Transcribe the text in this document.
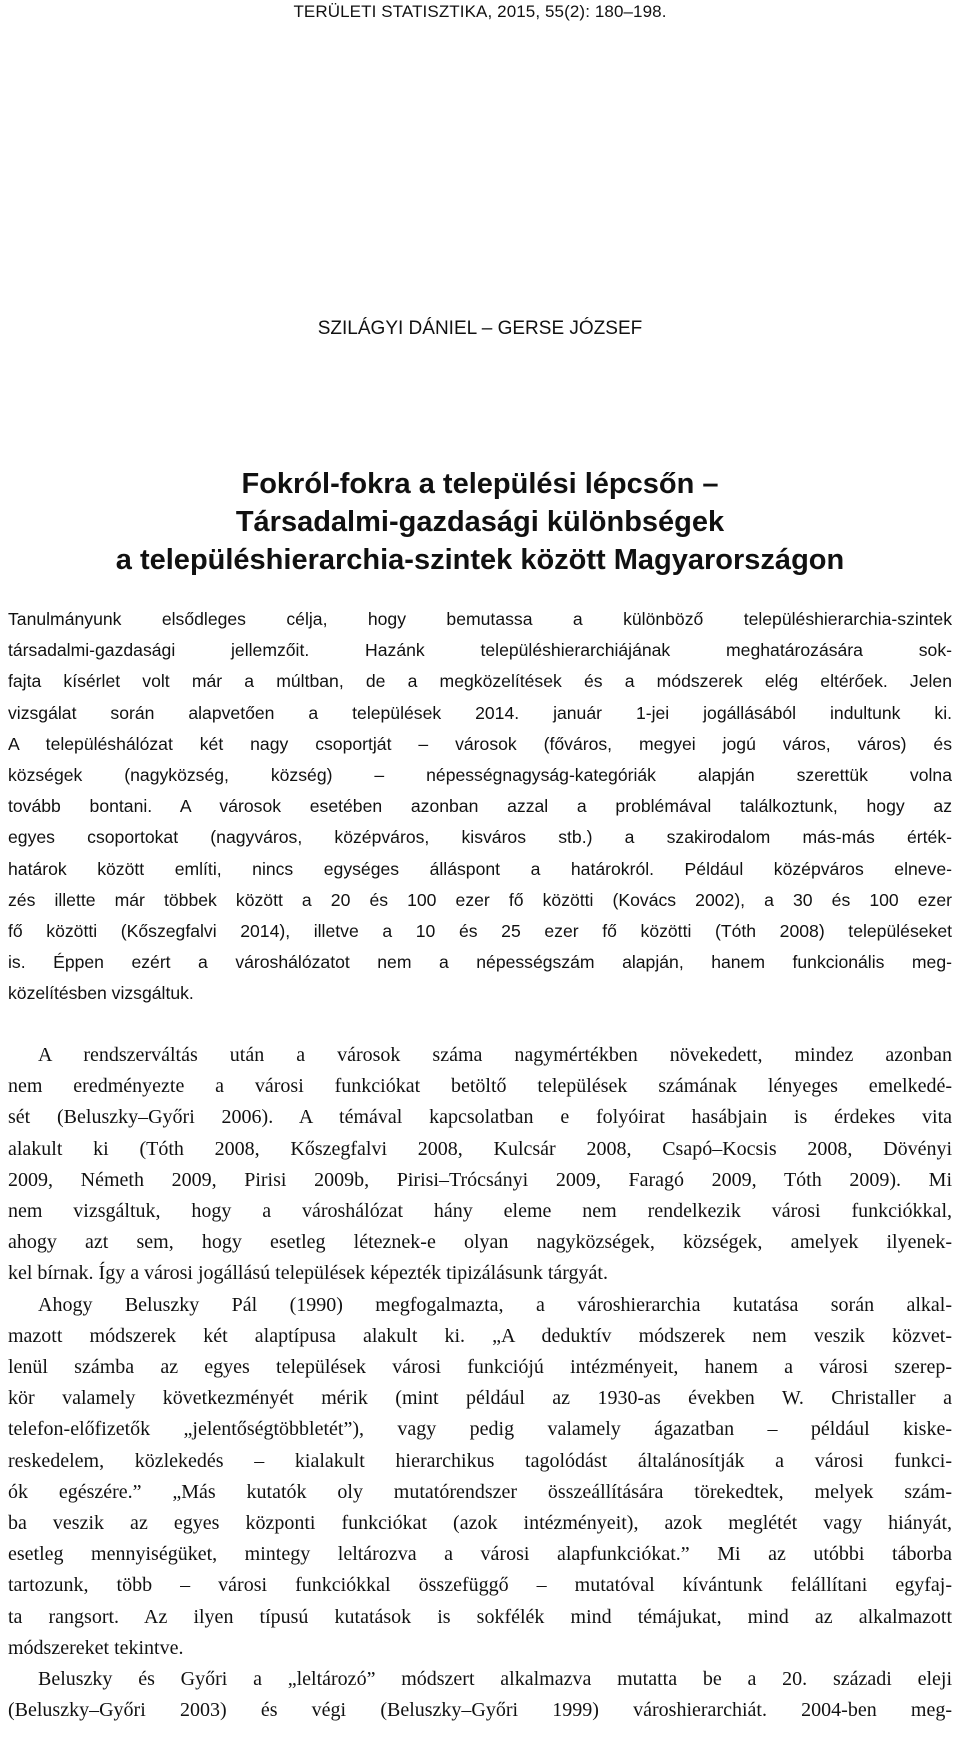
TERÜLETI STATISZTIKA, 2015, 55(2): 180–198.
SZILÁGYI DÁNIEL – GERSE JÓZSEF
Fokról-fokra a települési lépcsőn –
Társadalmi-gazdasági különbségek
a településhierarchia-szintek között Magyarországon
Tanulmányunk elsődleges célja, hogy bemutassa a különböző településhierarchia-szintek
társadalmi-gazdasági jellemzőit. Hazánk településhierarchiájának meghatározására sok-
fajta kísérlet volt már a múltban, de a megközelítések és a módszerek elég eltérőek. Jelen
vizsgálat során alapvetően a települések 2014. január 1-jei jogállásából indultunk ki.
A településhálózat két nagy csoportját – városok (főváros, megyei jogú város, város) és
községek (nagyközség, község) – népességnagyság-kategóriák alapján szerettük volna
tovább bontani. A városok esetében azonban azzal a problémával találkoztunk, hogy az
egyes csoportokat (nagyváros, középváros, kisváros stb.) a szakirodalom más-más érték-
határok között említi, nincs egységes álláspont a határokról. Például középváros elneve-
zés illette már többek között a 20 és 100 ezer fő közötti (Kovács 2002), a 30 és 100 ezer
fő közötti (Kőszegfalvi 2014), illetve a 10 és 25 ezer fő közötti (Tóth 2008) településeket
is. Éppen ezért a városhálózatot nem a népességszám alapján, hanem funkcionális meg-
közelítésben vizsgáltuk.
A rendszerváltás után a városok száma nagymértékben növekedett, mindez azonban
nem eredményezte a városi funkciókat betöltő települések számának lényeges emelkedé-
sét (Beluszky–Győri 2006). A témával kapcsolatban e folyóirat hasábjain is érdekes vita
alakult ki (Tóth 2008, Kőszegfalvi 2008, Kulcsár 2008, Csapó–Kocsis 2008, Dövényi
2009, Németh 2009, Pirisi 2009b, Pirisi–Trócsányi 2009, Faragó 2009, Tóth 2009). Mi
nem vizsgáltuk, hogy a városhálózat hány eleme nem rendelkezik városi funkciókkal,
ahogy azt sem, hogy esetleg léteznek-e olyan nagyközségek, községek, amelyek ilyenek-
kel bírnak. Így a városi jogállású települések képezték tipizálásunk tárgyát.
Ahogy Beluszky Pál (1990) megfogalmazta, a városhierarchia kutatása során alkal-
mazott módszerek két alaptípusa alakult ki. „A deduktív módszerek nem veszik közvet-
lenül számba az egyes települések városi funkciójú intézményeit, hanem a városi szerep-
kör valamely következményét mérik (mint például az 1930-as években W. Christaller a
telefon-előfizetők „jelentőségtöbbletét”), vagy pedig valamely ágazatban – például kiske-
reskedelem, közlekedés – kialakult hierarchikus tagolódást általánosítják a városi funkci-
ók egészére.” „Más kutatók oly mutatórendszer összeállítására törekedtek, melyek szám-
ba veszik az egyes központi funkciókat (azok intézményeit), azok meglétét vagy hiányát,
esetleg mennyiségüket, mintegy leltározva a városi alapfunkciókat.” Mi az utóbbi táborba
tartozunk, több – városi funkciókkal összefüggő – mutatóval kívántunk felállítani egyfaj-
ta rangsort. Az ilyen típusú kutatások is sokfélék mind témájukat, mind az alkalmazott
módszereket tekintve.
Beluszky és Győri a „leltározó” módszert alkalmazva mutatta be a 20. századi eleji
(Beluszky–Győri 2003) és végi (Beluszky–Győri 1999) városhierarchiát. 2004-ben meg-
